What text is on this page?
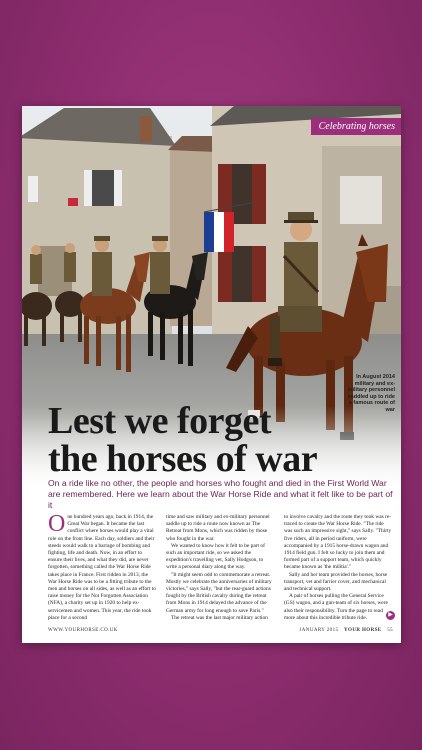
Celebrating horses
In August 2014 military and ex-military personnel saddled up to ride a famous route of war
Lest we forget
the horses of war
On a ride like no other, the people and horses who fought and died in the First World War are remembered. Here we learn about the War Horse Ride and what it felt like to be part of it
O ne hundred years ago, back in 1914, the Great War began. It became the last conflict where horses would play a vital role on the front line. Each day, soldiers and their steeds would walk to a barrage of bombing and fighting, life and death. Now, in an effort to ensure their lives, and what they did, are never forgotten, something called the War Horse Ride takes place in France. First ridden in 2013, the War Horse Ride was to be a fitting tribute to the men and horses on all sides, as well as an effort to raise money for the Not Forgotten Association (NFA), a charity set up in 1920 to help ex-servicemen and women. This year, the ride took place for a second

time and saw military and ex-military personnel saddle up to ride a route now known as The Retreat from Mons, which was ridden by those who fought in the war.

We wanted to know how it felt to be part of such an important ride, so we asked the expedition's travelling vet, Sally Hodgson, to write a personal diary along the way.

"It might seem odd to commemorate a retreat. Mostly we celebrate the anniversaries of military victories," says Sally, "but the rear-guard actions fought by the British cavalry during the retreat from Mons in 1914 delayed the advance of the German army for long enough to save Paris."

The retreat was the last major military action

to involve cavalry and the route they took was re-traced to create the War Horse Ride. "The ride was such an impressive sight," says Sally. "Thirty five riders, all in period uniform, were accompanied by a 1915 horse-drawn wagon and 1914 field gun. I felt so lucky to join them and formed part of a support team, which quickly became known as 'the militia'."

Sally and her team provided the horses, horse transport, vet and farrier cover, and mechanical and technical support.

A pair of horses pulling the General Service (GS) wagon, and a gun-team of six horses, were also their responsibility. Turn the page to read more about this incredible tribute ride.	▶
WWW.YOURHORSE.CO.UK	JANUARY 2015 YOUR HORSE 55
